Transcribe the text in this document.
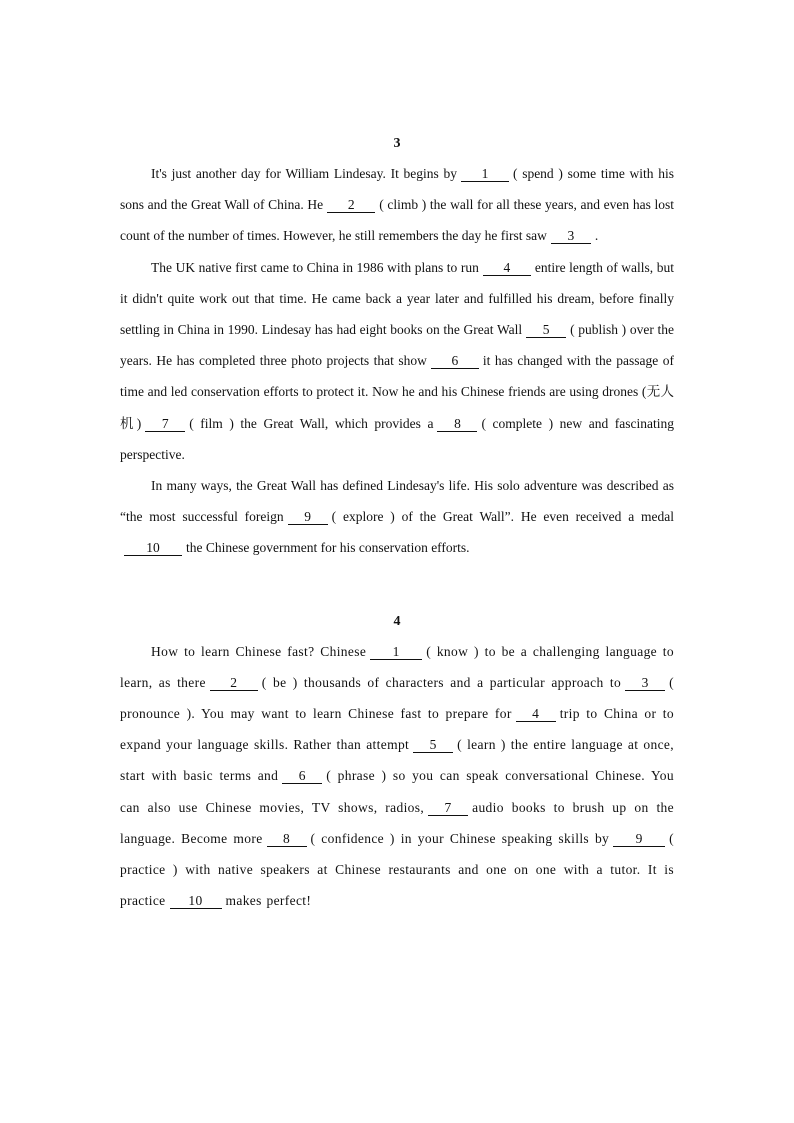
3

It's just another day for William Lindesay. It begins by 1 ( spend ) some time with his sons and the Great Wall of China. He 2 ( climb ) the wall for all these years, and even has lost count of the number of times. However, he still remembers the day he first saw 3 .

The UK native first came to China in 1986 with plans to run 4 entire length of walls, but it didn't quite work out that time. He came back a year later and fulfilled his dream, before finally settling in China in 1990. Lindesay has had eight books on the Great Wall 5 ( publish ) over the years. He has completed three photo projects that show 6 it has changed with the passage of time and led conservation efforts to protect it. Now he and his Chinese friends are using drones (无人机) 7 ( film ) the Great Wall, which provides a 8 ( complete ) new and fascinating perspective.

In many ways, the Great Wall has defined Lindesay's life. His solo adventure was described as “the most successful foreign 9 ( explore ) of the Great Wall”. He even received a medal10 the Chinese government for his conservation efforts.

4

How to learn Chinese fast? Chinese 1 ( know ) to be a challenging language to learn, as there 2 ( be ) thousands of characters and a particular approach to 3 ( pronounce ). You may want to learn Chinese fast to prepare for 4 trip to China or to expand your language skills. Rather than attempt 5 ( learn ) the entire language at once, start with basic terms and 6 ( phrase ) so you can speak conversational Chinese. You can also use Chinese movies, TV shows, radios, 7 audio books to brush up on the language. Become more 8 ( confidence ) in your Chinese speaking skills by 9 ( practice ) with native speakers at Chinese restaurants and one on one with a tutor. It is practice 10 makes perfect!
